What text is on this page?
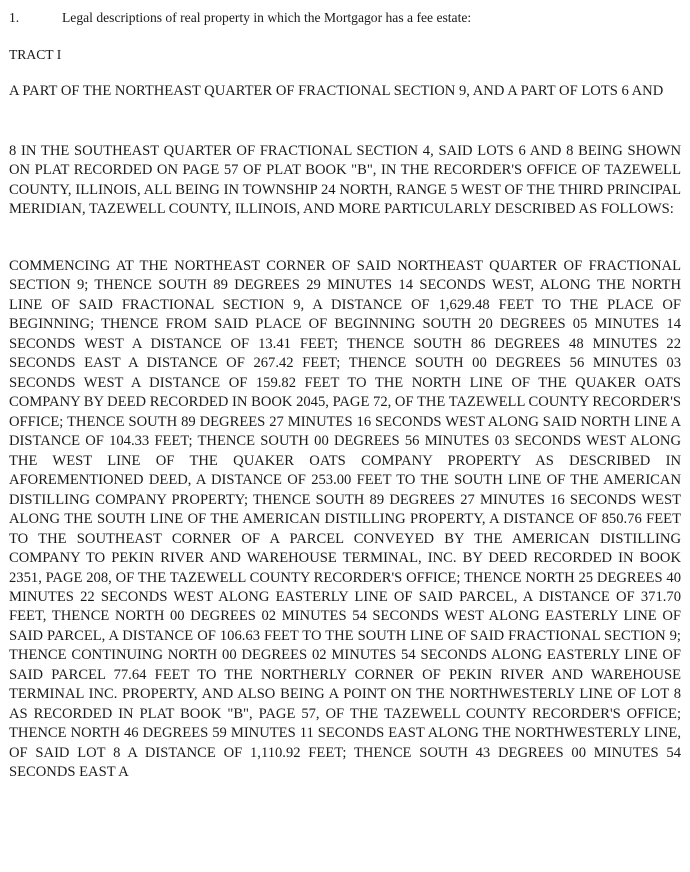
1.	Legal descriptions of real property in which the Mortgagor has a fee estate:
TRACT I

A PART OF THE NORTHEAST QUARTER OF FRACTIONAL SECTION 9, AND A PART OF LOTS 6 AND

8 IN THE SOUTHEAST QUARTER OF FRACTIONAL SECTION 4, SAID LOTS 6 AND 8 BEING SHOWN ON PLAT RECORDED ON PAGE 57 OF PLAT BOOK "B", IN THE RECORDER'S OFFICE OF TAZEWELL COUNTY, ILLINOIS, ALL BEING IN TOWNSHIP 24 NORTH, RANGE 5 WEST OF THE THIRD PRINCIPAL MERIDIAN, TAZEWELL COUNTY, ILLINOIS, AND MORE PARTICULARLY DESCRIBED AS FOLLOWS:

COMMENCING AT THE NORTHEAST CORNER OF SAID NORTHEAST QUARTER OF FRACTIONAL SECTION 9; THENCE SOUTH 89 DEGREES 29 MINUTES 14 SECONDS WEST, ALONG THE NORTH LINE OF SAID FRACTIONAL SECTION 9, A DISTANCE OF 1,629.48 FEET TO THE PLACE OF BEGINNING; THENCE FROM SAID PLACE OF BEGINNING SOUTH 20 DEGREES 05 MINUTES 14 SECONDS WEST A DISTANCE OF 13.41 FEET; THENCE SOUTH 86 DEGREES 48 MINUTES 22 SECONDS EAST A DISTANCE OF 267.42 FEET; THENCE SOUTH 00 DEGREES 56 MINUTES 03 SECONDS WEST A DISTANCE OF 159.82 FEET TO THE NORTH LINE OF THE QUAKER OATS COMPANY BY DEED RECORDED IN BOOK 2045, PAGE 72, OF THE TAZEWELL COUNTY RECORDER'S OFFICE; THENCE SOUTH 89 DEGREES 27 MINUTES 16 SECONDS WEST ALONG SAID NORTH LINE A DISTANCE OF 104.33 FEET; THENCE SOUTH 00 DEGREES 56 MINUTES 03 SECONDS WEST ALONG THE WEST LINE OF THE QUAKER OATS COMPANY PROPERTY AS DESCRIBED IN AFOREMENTIONED DEED, A DISTANCE OF 253.00 FEET TO THE SOUTH LINE OF THE AMERICAN DISTILLING COMPANY PROPERTY; THENCE SOUTH 89 DEGREES 27 MINUTES 16 SECONDS WEST ALONG THE SOUTH LINE OF THE AMERICAN DISTILLING PROPERTY, A DISTANCE OF 850.76 FEET TO THE SOUTHEAST CORNER OF A PARCEL CONVEYED BY THE AMERICAN DISTILLING COMPANY TO PEKIN RIVER AND WAREHOUSE TERMINAL, INC. BY DEED RECORDED IN BOOK 2351, PAGE 208, OF THE TAZEWELL COUNTY RECORDER'S OFFICE; THENCE NORTH 25 DEGREES 40 MINUTES 22 SECONDS WEST ALONG EASTERLY LINE OF SAID PARCEL, A DISTANCE OF 371.70 FEET, THENCE NORTH 00 DEGREES 02 MINUTES 54 SECONDS WEST ALONG EASTERLY LINE OF SAID PARCEL, A DISTANCE OF 106.63 FEET TO THE SOUTH LINE OF SAID FRACTIONAL SECTION 9; THENCE CONTINUING NORTH 00 DEGREES 02 MINUTES 54 SECONDS ALONG EASTERLY LINE OF SAID PARCEL 77.64 FEET TO THE NORTHERLY CORNER OF PEKIN RIVER AND WAREHOUSE TERMINAL INC. PROPERTY, AND ALSO BEING A POINT ON THE NORTHWESTERLY LINE OF LOT 8 AS RECORDED IN PLAT BOOK "B", PAGE 57, OF THE TAZEWELL COUNTY RECORDER'S OFFICE; THENCE NORTH 46 DEGREES 59 MINUTES 11 SECONDS EAST ALONG THE NORTHWESTERLY LINE, OF SAID LOT 8 A DISTANCE OF 1,110.92 FEET; THENCE SOUTH 43 DEGREES 00 MINUTES 54 SECONDS EAST A
